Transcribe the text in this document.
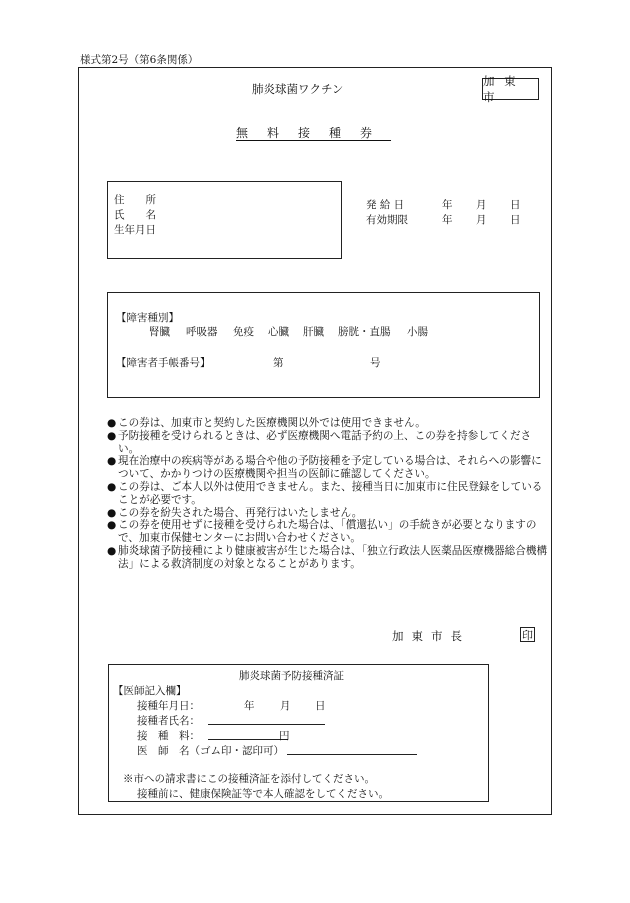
様式第2号（第6条関係）
肺炎球菌ワクチン
加 東 市
無料接種券
住　　所
氏　　名
生年月日
発 給 日	年	月	日
有効期限	年	月	日
【障害種別】
腎臓 呼吸器 免疫 心臓 肝臓 膀胱・直腸 小腸
【障害者手帳番号】	第	号
● この券は、加東市と契約した医療機関以外では使用できません。
● 予防接種を受けられるときは、必ず医療機関へ電話予約の上、この券を持参してください。
● 現在治療中の疾病等がある場合や他の予防接種を予定している場合は、それらへの影響について、かかりつけの医療機関や担当の医師に確認してください。
● この券は、ご本人以外は使用できません。また、接種当日に加東市に住民登録をしていることが必要です。
● この券を紛失された場合、再発行はいたしません。
● この券を使用せずに接種を受けられた場合は、「償還払い」の手続きが必要となりますので、加東市保健センターにお問い合わせください。
● 肺炎球菌予防接種により健康被害が生じた場合は、「独立行政法人医薬品医療機器総合機構法」による救済制度の対象となることがあります。
加東市長	印
肺炎球菌予防接種済証
【医師記入欄】
接種年月日：	年 月 日
接種者氏名：
接　種　料：	円
医　師　名（ゴム印・認印可）
※市への請求書にこの接種済証を添付してください。
接種前に、健康保険証等で本人確認をしてください。
